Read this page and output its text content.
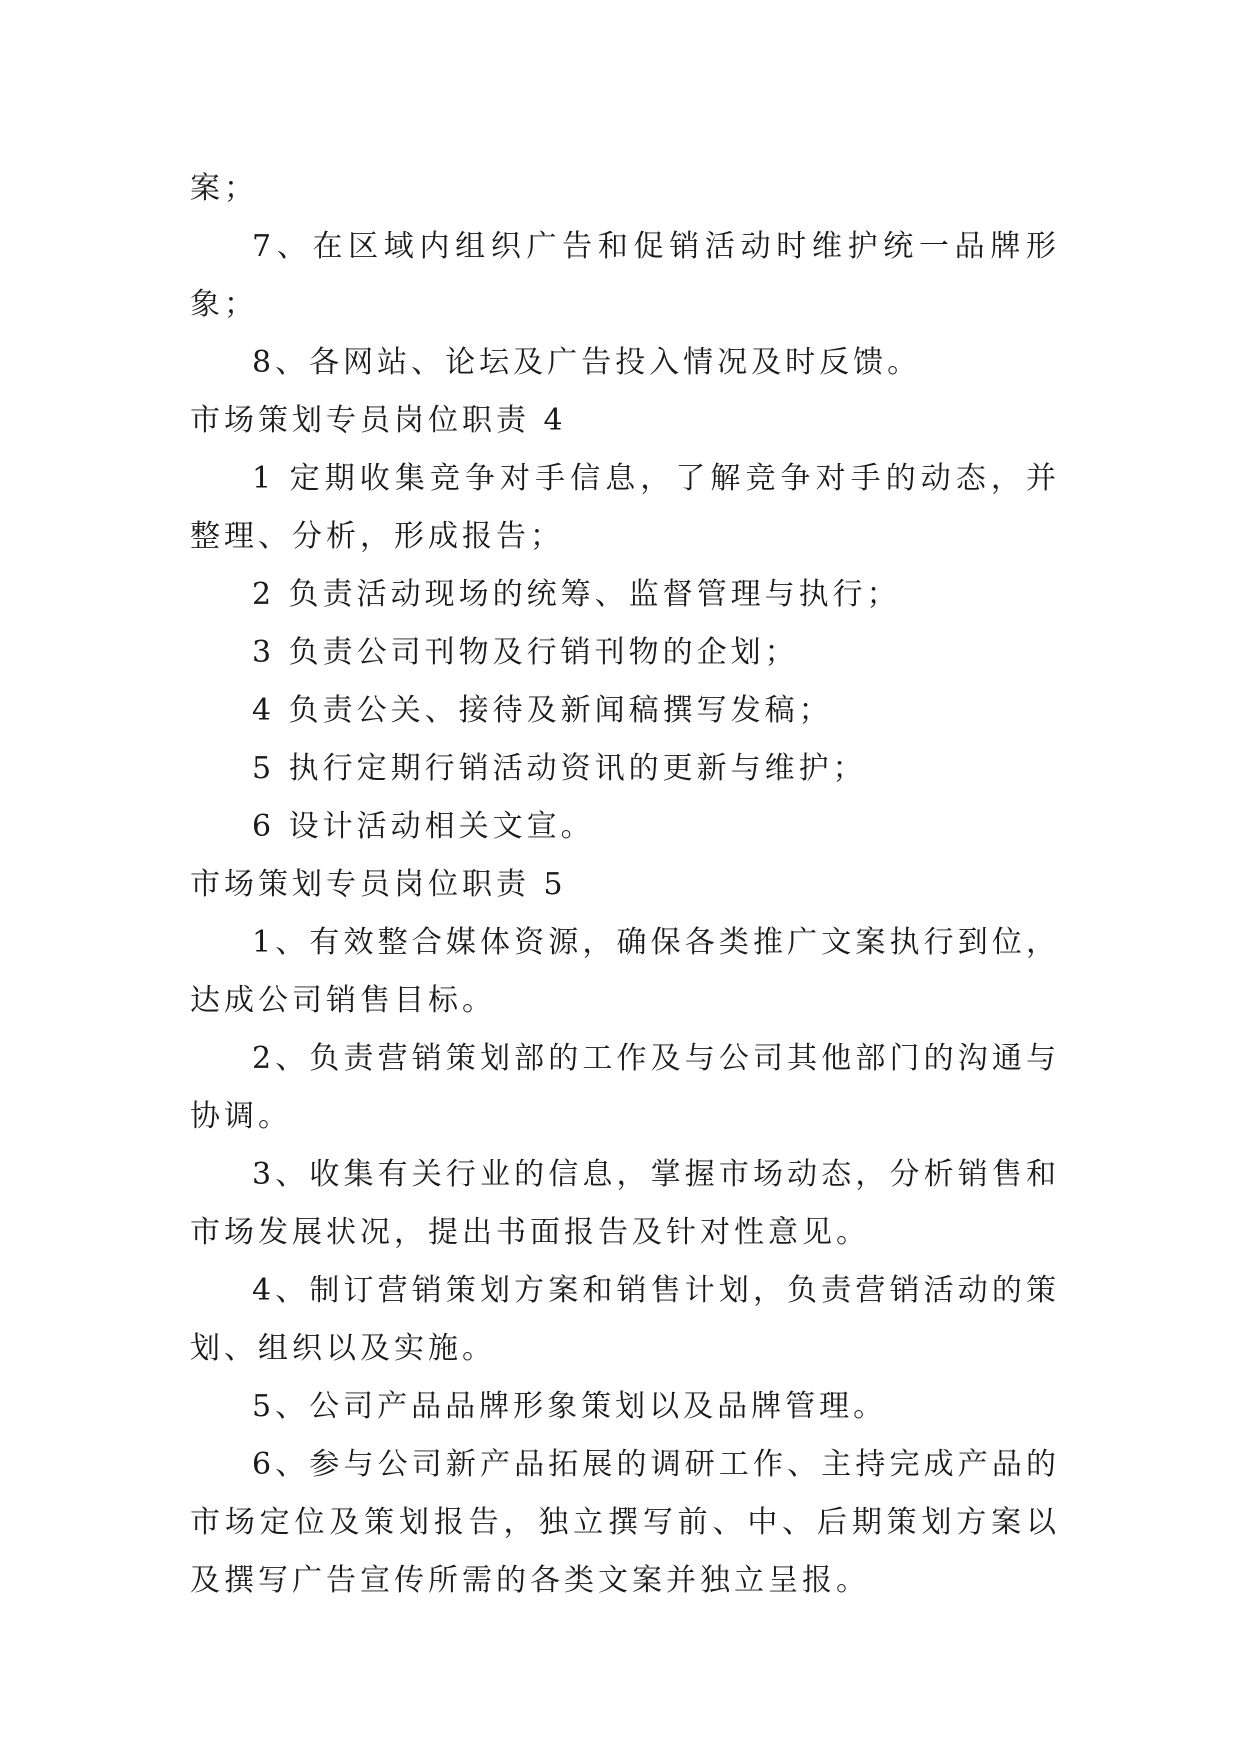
案；

7、在区域内组织广告和促销活动时维护统一品牌形象；

8、各网站、论坛及广告投入情况及时反馈。

市场策划专员岗位职责 4

1 定期收集竞争对手信息，了解竞争对手的动态，并整理、分析，形成报告；

2 负责活动现场的统筹、监督管理与执行；

3 负责公司刊物及行销刊物的企划；

4 负责公关、接待及新闻稿撰写发稿；

5 执行定期行销活动资讯的更新与维护；

6 设计活动相关文宣。

市场策划专员岗位职责 5

1、有效整合媒体资源，确保各类推广文案执行到位，达成公司销售目标。

2、负责营销策划部的工作及与公司其他部门的沟通与协调。

3、收集有关行业的信息，掌握市场动态，分析销售和市场发展状况，提出书面报告及针对性意见。

4、制订营销策划方案和销售计划，负责营销活动的策划、组织以及实施。

5、公司产品品牌形象策划以及品牌管理。

6、参与公司新产品拓展的调研工作、主持完成产品的市场定位及策划报告，独立撰写前、中、后期策划方案以及撰写广告宣传所需的各类文案并独立呈报。
